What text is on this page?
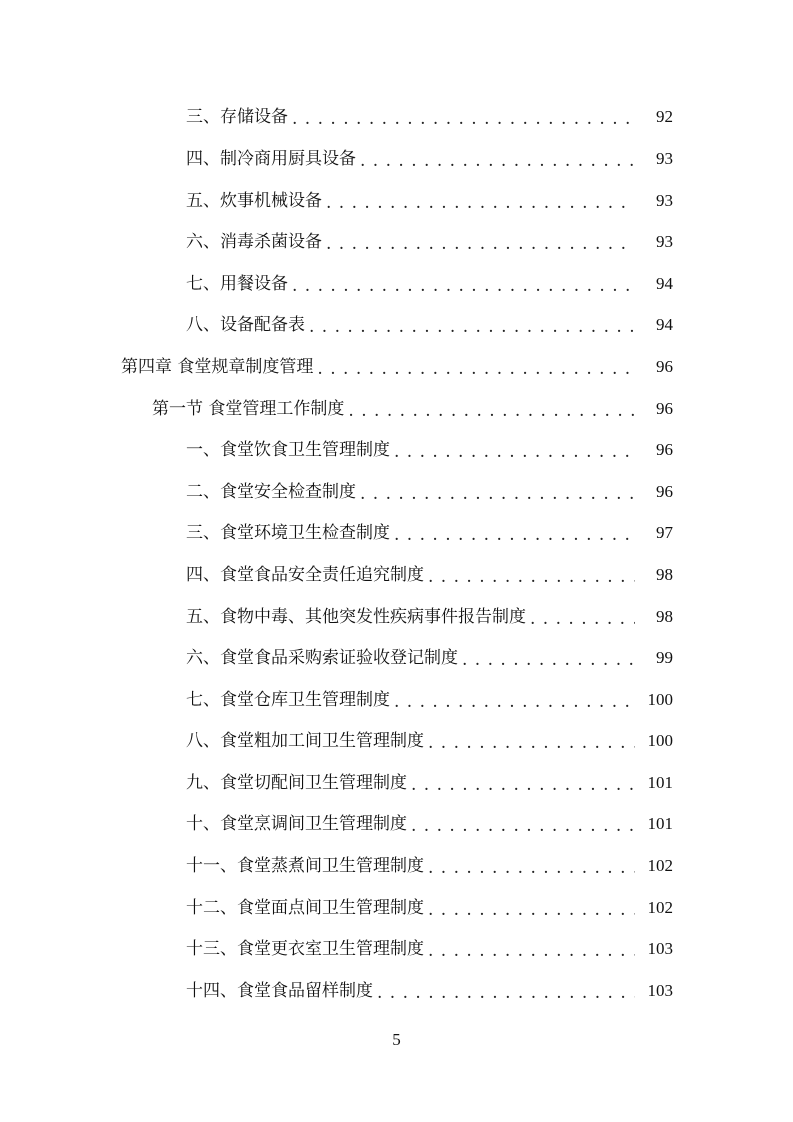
三、存储设备 . . .	92
四、制冷商用厨具设备 . . .	93
五、炊事机械设备 . . .	93
六、消毒杀菌设备 . . .	93
七、用餐设备 . . .	94
八、设备配备表 . . .	94
第四章 食堂规章制度管理 . . .	96
第一节 食堂管理工作制度 . . .	96
一、食堂饮食卫生管理制度 . . .	96
二、食堂安全检查制度 . . .	96
三、食堂环境卫生检查制度 . . .	97
四、食堂食品安全责任追究制度 . . .	98
五、食物中毒、其他突发性疾病事件报告制度 . . .	98
六、食堂食品采购索证验收登记制度 . . .	99
七、食堂仓库卫生管理制度 . . .	100
八、食堂粗加工间卫生管理制度 . . .	100
九、食堂切配间卫生管理制度 . . .	101
十、食堂烹调间卫生管理制度 . . .	101
十一、食堂蒸煮间卫生管理制度 . . .	102
十二、食堂面点间卫生管理制度 . . .	102
十三、食堂更衣室卫生管理制度 . . .	103
十四、食堂食品留样制度 . . .	103
5
